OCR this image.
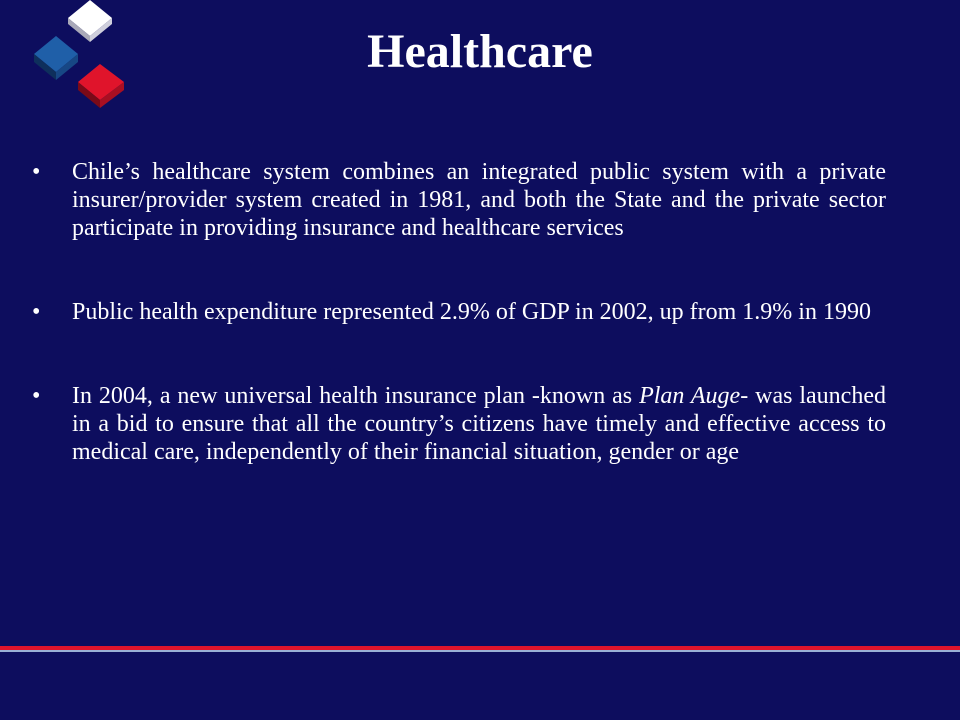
Healthcare
• Chile’s healthcare system combines an integrated public system with a private insurer/provider system created in 1981, and both the State and the private sector participate in providing insurance and healthcare services
• Public health expenditure represented 2.9% of GDP in 2002, up from 1.9% in 1990
• In 2004, a new universal health insurance plan -known as Plan Auge- was launched in a bid to ensure that all the country’s citizens have timely and effective access to medical care, independently of their financial situation, gender or age
